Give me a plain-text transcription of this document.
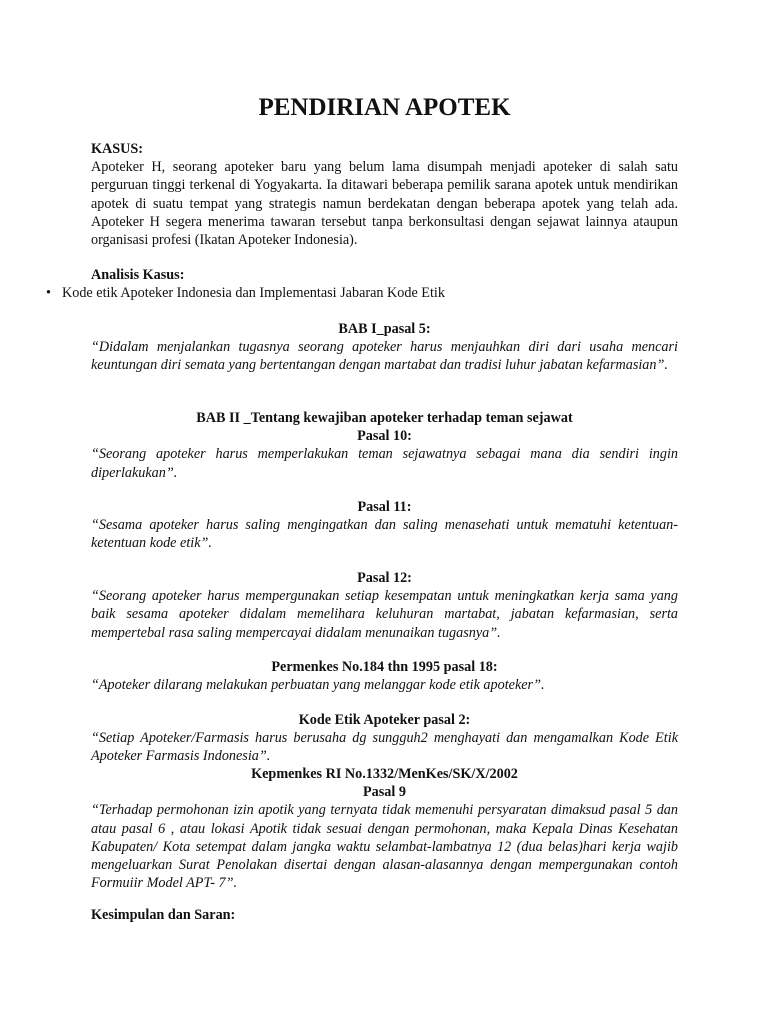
PENDIRIAN APOTEK

KASUS:

Apoteker H, seorang apoteker baru yang belum lama disumpah menjadi apoteker di salah satu perguruan tinggi terkenal di Yogyakarta. Ia ditawari beberapa pemilik sarana apotek untuk mendirikan apotek di suatu tempat yang strategis namun berdekatan dengan beberapa apotek yang telah ada. Apoteker H segera menerima tawaran tersebut tanpa berkonsultasi dengan sejawat lainnya ataupun organisasi profesi (Ikatan Apoteker Indonesia).

Analisis Kasus:

BAB I_pasal 5:

“Didalam menjalankan tugasnya seorang apoteker harus menjauhkan diri dari usaha mencari keuntungan diri semata yang bertentangan dengan martabat dan tradisi luhur jabatan kefarmasian”.

BAB II _Tentang kewajiban apoteker terhadap teman sejawat

Pasal 10:

“Seorang apoteker harus memperlakukan teman sejawatnya sebagai mana dia sendiri ingin diperlakukan”.

Pasal 11:

“Sesama apoteker harus saling mengingatkan dan saling menasehati untuk mematuhi ketentuan-ketentuan kode etik”.

Pasal 12:

“Seorang apoteker harus mempergunakan setiap kesempatan untuk meningkatkan kerja sama yang baik sesama apoteker didalam memelihara keluhuran martabat, jabatan kefarmasian, serta mempertebal rasa saling mempercayai didalam menunaikan tugasnya”.

Permenkes No.184 thn 1995 pasal 18:

“Apoteker dilarang melakukan perbuatan yang melanggar kode etik apoteker”.

Kode Etik Apoteker pasal 2:

“Setiap Apoteker/Farmasis harus berusaha dg sungguh2 menghayati dan mengamalkan Kode Etik Apoteker Farmasis Indonesia”.

Kepmenkes RI No.1332/MenKes/SK/X/2002

Pasal 9

“Terhadap permohonan izin apotik yang ternyata tidak memenuhi persyaratan dimaksud pasal 5 dan atau pasal 6 , atau lokasi Apotik tidak sesuai dengan permohonan, maka Kepala Dinas Kesehatan Kabupaten/ Kota setempat dalam jangka waktu selambat-lambatnya 12 (dua belas)hari kerja wajib mengeluarkan Surat Penolakan disertai dengan alasan-alasannya dengan mempergunakan contoh Formuiir Model APT- 7”.

Kesimpulan dan Saran:

• Kode etik Apoteker Indonesia dan Implementasi Jabaran Kode Etik
